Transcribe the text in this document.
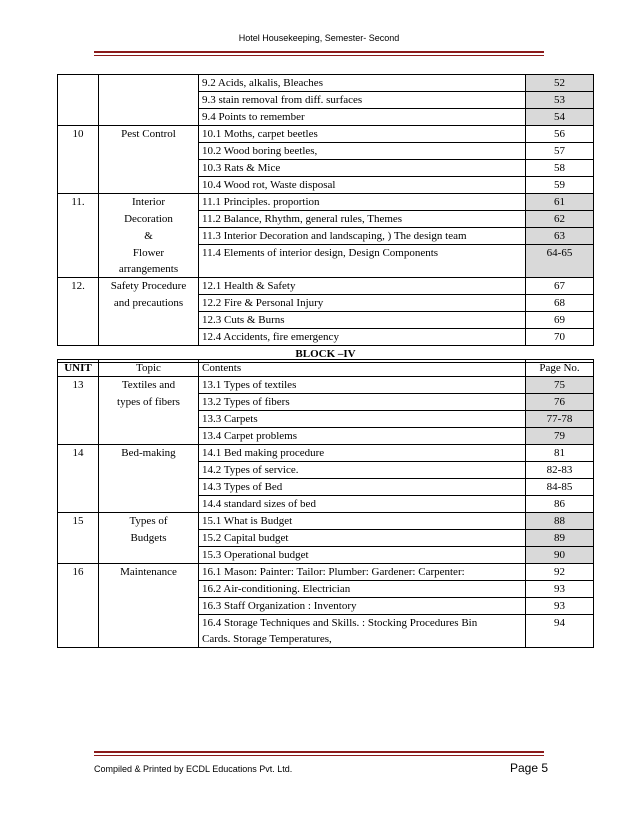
Hotel Housekeeping, Semester- Second
		9.2 Acids, alkalis, Bleaches	52
		9.3 stain removal from diff. surfaces	53
		9.4 Points to remember	54
10	Pest Control	10.1 Moths, carpet beetles	56
		10.2 Wood boring beetles,	57
		10.3 Rats & Mice	58
		10.4 Wood rot, Waste disposal	59
11.	Interior	11.1 Principles. proportion	61
	Decoration	11.2 Balance, Rhythm, general rules, Themes	62
	&	11.3 Interior Decoration and landscaping, ) The design team	63
	Flower	11.4 Elements of interior design, Design Components	64-65
	arrangements		
12.	Safety Procedure	12.1 Health & Safety	67
	and precautions	12.2 Fire & Personal Injury	68
		12.3 Cuts & Burns	69
		12.4 Accidents, fire emergency	70
BLOCK –IV			
UNIT	Topic	Contents	Page No.
13	Textiles and	13.1 Types of textiles	75
	types of fibers	13.2 Types of fibers	76
		13.3 Carpets	77-78
		13.4 Carpet problems	79
14	Bed-making	14.1 Bed making procedure	81
		14.2 Types of service.	82-83
		14.3 Types of Bed	84-85
		14.4 standard sizes of bed	86
15	Types of	15.1 What is Budget	88
	Budgets	15.2 Capital budget	89
		15.3 Operational budget	90
16	Maintenance	16.1 Mason: Painter: Tailor: Plumber: Gardener: Carpenter:	92
		16.2 Air-conditioning. Electrician	93
		16.3 Staff Organization : Inventory	93
		16.4 Storage Techniques and Skills. : Stocking Procedures Bin	94
		Cards. Storage Temperatures,	
Compiled & Printed by ECDL Educations Pvt. Ltd.	Page 5
